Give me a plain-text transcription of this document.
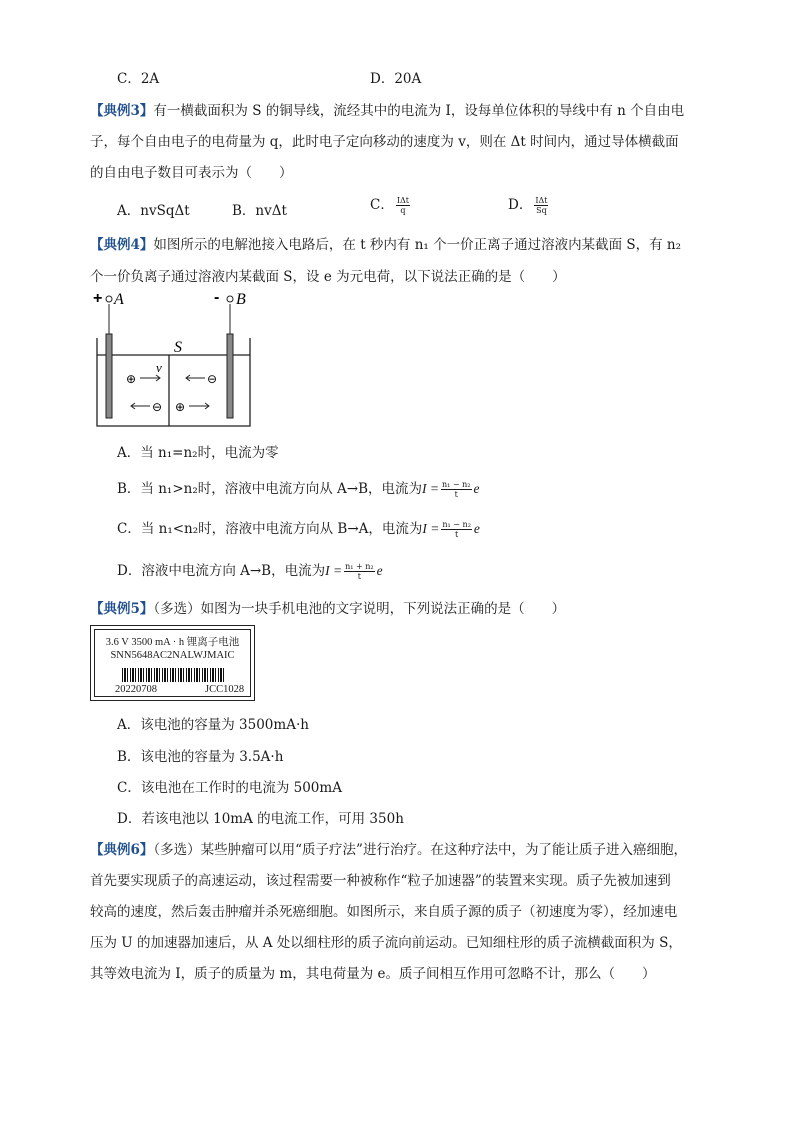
C．2A	D．20A
【典例3】有一横截面积为 S 的铜导线，流经其中的电流为 I，设每单位体积的导线中有 n 个自由电
子，每个自由电子的电荷量为 q，此时电子定向移动的速度为 v，则在 Δt 时间内，通过导体横截面
的自由电子数目可表示为（　　）
A．nvSqΔt	B．nvΔt	C． $\frac{\text{IΔt}}{q}$	D． $\frac{\text{IΔt}}{Sq}$
【典例4】如图所示的电解池接入电路后，在 t 秒内有 n₁ 个一价正离子通过溶液内某截面 S，有 n₂
个一价负离子通过溶液内某截面 S，设 e 为元电荷，以下说法正确的是（　　）
+ A	- B
S
v
⊕	⊖
⊖ ⊕
A．当 n₁=n₂时，电流为零
B．当 n₁>n₂时，溶液中电流方向从 A→B，电流为$I = \frac{\text{n₁ − n₂}}{t}$ e
C．当 n₁<n₂时，溶液中电流方向从 B→A，电流为$I = \frac{\text{n₁ − n₂}}{t}$ e
D．溶液中电流方向 A→B，电流为$I = \frac{\text{n₁ + n₂}}{t}$ e
【典例5】（多选）如图为一块手机电池的文字说明，下列说法正确的是（　　）
3.6 V 3500 mA · h 锂离子电池
SNN5648AC2NALWJMAIC
20220708	JCC1028
A．该电池的容量为 3500mA·h
B．该电池的容量为 3.5A·h
C．该电池在工作时的电流为 500mA
D．若该电池以 10mA 的电流工作，可用 350h
【典例6】（多选）某些肿瘤可以用“质子疗法”进行治疗。在这种疗法中，为了能让质子进入癌细胞，
首先要实现质子的高速运动，该过程需要一种被称作“粒子加速器”的装置来实现。质子先被加速到
较高的速度，然后轰击肿瘤并杀死癌细胞。如图所示，来自质子源的质子（初速度为零），经加速电
压为 U 的加速器加速后，从 A 处以细柱形的质子流向前运动。已知细柱形的质子流横截面积为 S，
其等效电流为 I，质子的质量为 m，其电荷量为 e。质子间相互作用可忽略不计，那么（　　）
